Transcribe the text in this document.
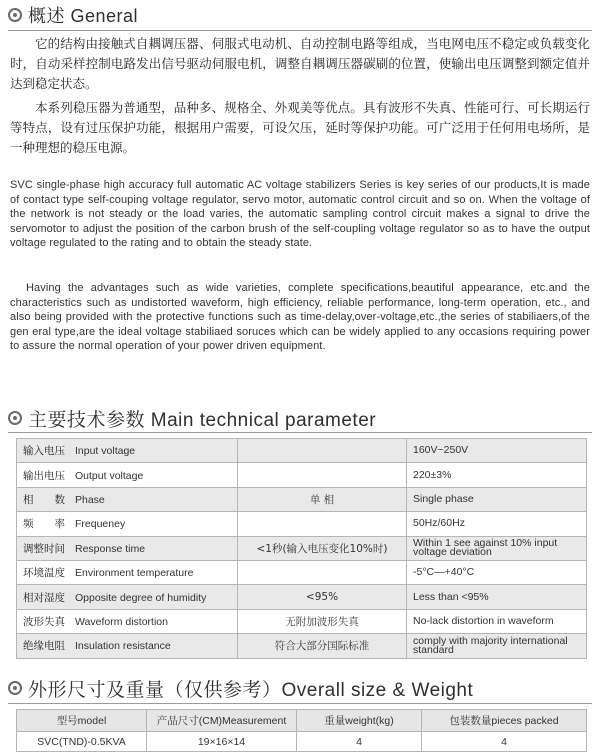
概述 General

它的结构由接触式自耦调压器、伺服式电动机、自动控制电路等组成，当电网电压不稳定或负载变化时，自动采样控制电路发出信号驱动伺服电机，调整自耦调压器碳刷的位置，使输出电压调整到额定值并达到稳定状态。

本系列稳压器为普通型，品种多、规格全、外观美等优点。具有波形不失真、性能可行、可长期运行等特点，设有过压保护功能，根据用户需要，可设欠压，延时等保护功能。可广泛用于任何用电场所，是一种理想的稳压电源。

SVC single-phase high accuracy full automatic AC voltage stabilizers Series is key series of our products,It is made of contact type self-couping voltage regulator, servo motor, automatic control circuit and so on. When the voltage of the network is not steady or the load varies, the automatic sampling control circuit makes a signal to drive the servomotor to adjust the position of the carbon brush of the self-coupling voltage regulator so as to have the output voltage regulated to the rating and to obtain the steady state.

Having the advantages such as wide varieties, complete specifications,beautiful appearance, etc.and the characteristics such as undistorted waveform, high efficiency, reliable performance, long-term operation, etc., and also being provided with the protective functions such as time-delay,over-voltage,etc.,the series of stabiliaers,of the gen eral type,are the ideal voltage stabiliaed soruces which can be widely applied to any occasions requiring power to assure the normal operation of your power driven equipment.

主要技术参数 Main technical parameter
输入电压 Input voltage		160V~250V
输出电压 Output voltage		220±3%
相　　数 Phase	单 相	Single phase
频　　率 Frequeney		50Hz/60Hz
调整时间 Response time	<1秒(输入电压变化10%时)	Within 1 see against 10% input voltage deviation
环境温度 Environment temperature		-5°C—+40°C
相对湿度 Opposite degree of humidity	<95%	Less than <95%
波形失真 Waveform distortion	无附加波形失真	No-lack distortion in waveform
绝缘电阻 Insulation resistance	符合大部分国际标准	comply with majority international standard
外形尺寸及重量（仅供参考）Overall size & Weight
型号model	产品尺寸(CM)Measurement	重量weight(kg)	包装数量pieces packed
SVC(TND)-0.5KVA	19×16×14	4	4
